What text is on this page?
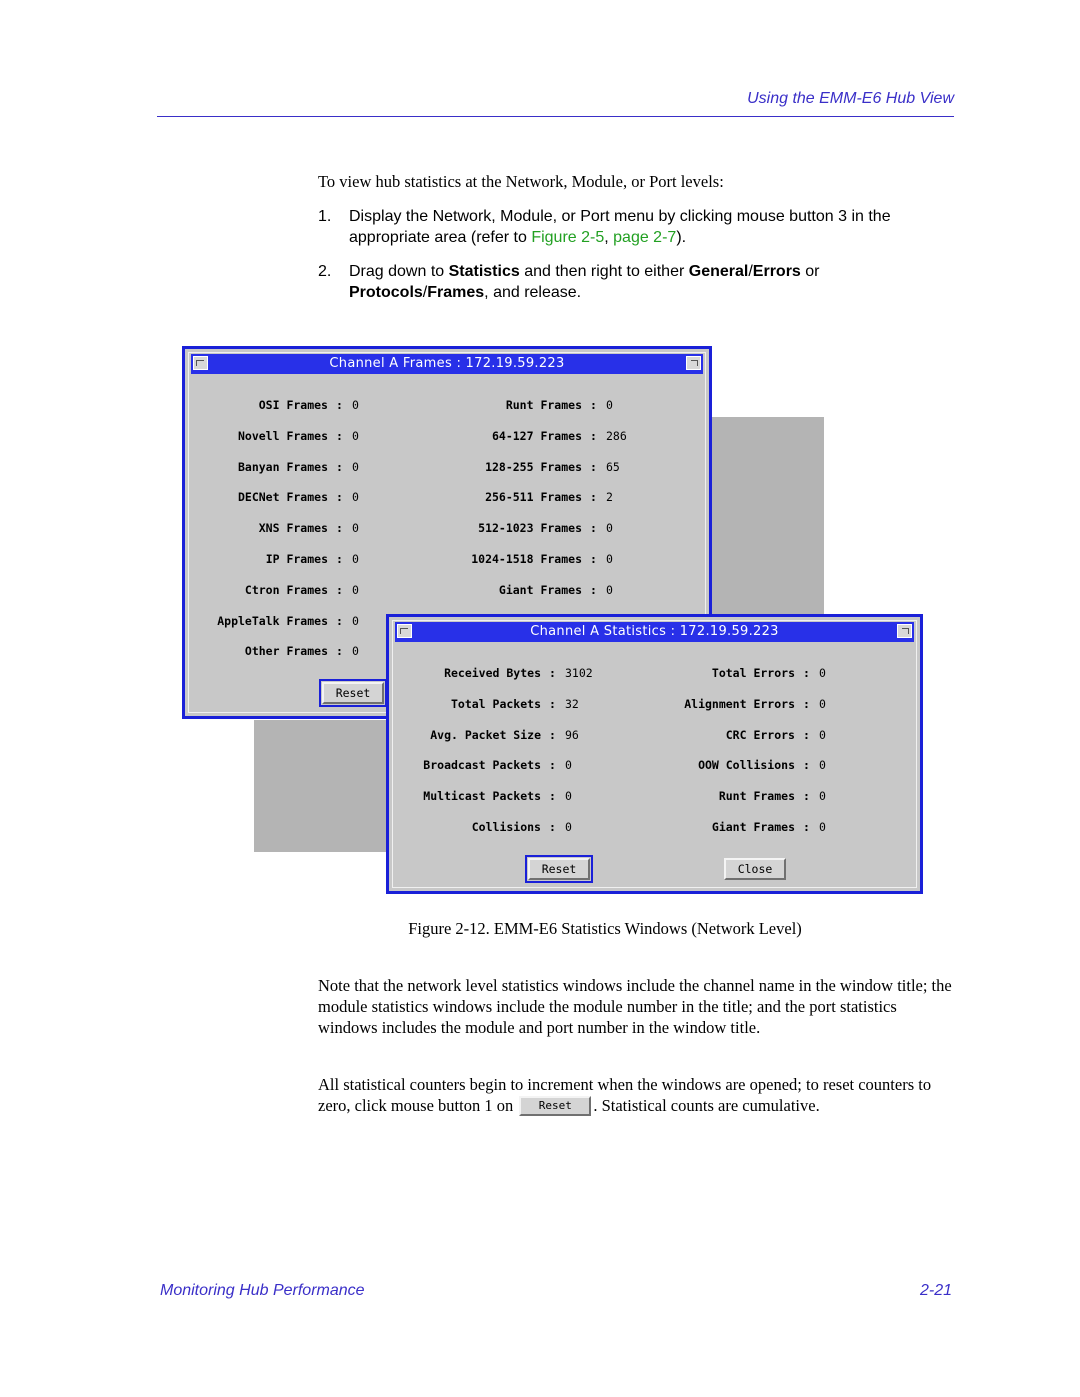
Using the EMM-E6 Hub View
To view hub statistics at the Network, Module, or Port levels:
1. Display the Network, Module, or Port menu by clicking mouse button 3 in the appropriate area (refer to Figure 2-5, page 2-7).
2. Drag down to Statistics and then right to either General/Errors or Protocols/Frames, and release.
Channel A Frames : 172.19.59.223
OSI Frames : 0
Novell Frames : 0
Banyan Frames : 0
DECNet Frames : 0
XNS Frames : 0
IP Frames : 0
Ctron Frames : 0
AppleTalk Frames : 0
Other Frames : 0
Runt Frames : 0
64-127 Frames : 286
128-255 Frames : 65
256-511 Frames : 2
512-1023 Frames : 0
1024-1518 Frames : 0
Giant Frames : 0
Reset
Channel A Statistics : 172.19.59.223
Received Bytes : 3102
Total Packets : 32
Avg. Packet Size : 96
Broadcast Packets : 0
Multicast Packets : 0
Collisions : 0
Total Errors : 0
Alignment Errors : 0
CRC Errors : 0
OOW Collisions : 0
Runt Frames : 0
Giant Frames : 0
Reset	Close
Figure 2-12. EMM-E6 Statistics Windows (Network Level)
Note that the network level statistics windows include the channel name in the window title; the module statistics windows include the module number in the title; and the port statistics windows includes the module and port number in the window title.
All statistical counters begin to increment when the windows are opened; to reset counters to zero, click mouse button 1 on Reset . Statistical counts are cumulative.
Monitoring Hub Performance	2-21
